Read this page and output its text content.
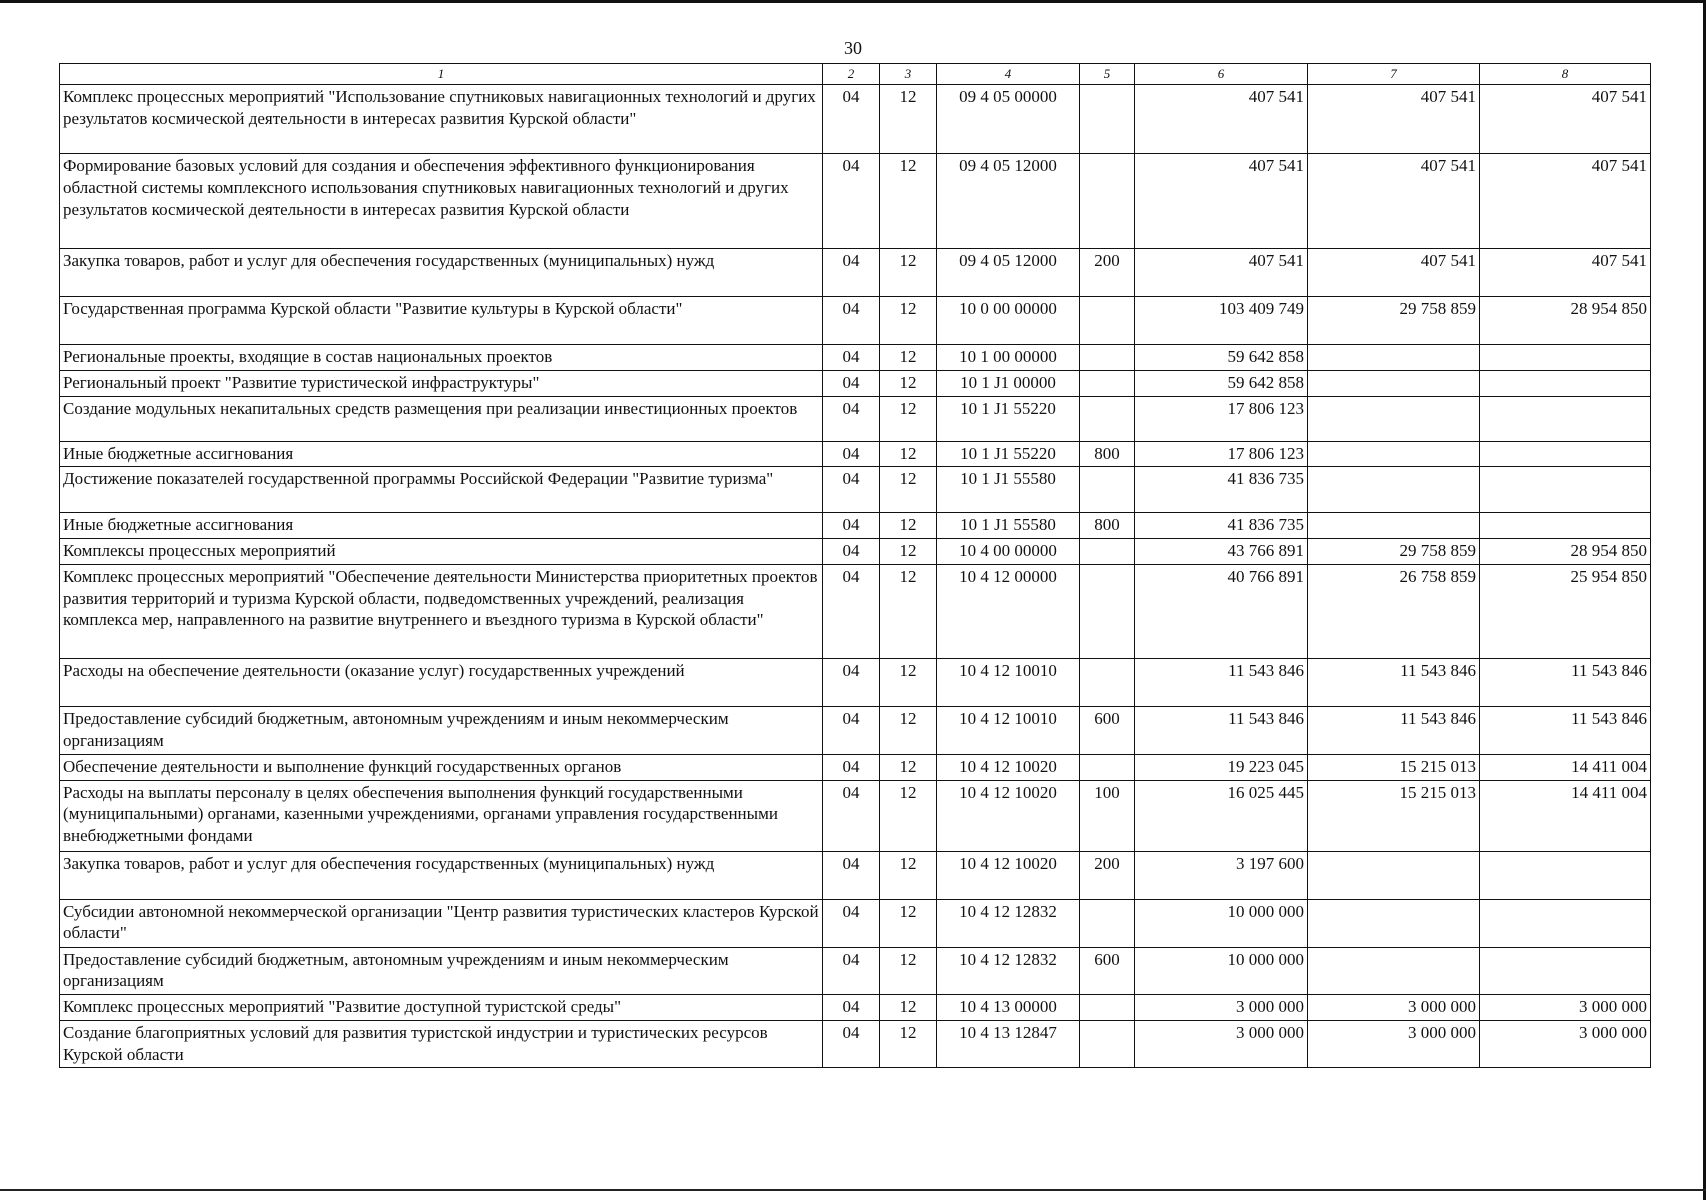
30
1	2	3	4	5	6	7	8
Комплекс процессных мероприятий "Использование спутниковых навигационных технологий и других результатов космической деятельности в интересах развития Курской области"	04	12	09 4 05 00000		407 541	407 541	407 541
Формирование базовых условий для создания и обеспечения эффективного функционирования областной системы комплексного использования спутниковых навигационных технологий и других результатов космической деятельности в интересах развития Курской области	04	12	09 4 05 12000		407 541	407 541	407 541
Закупка товаров, работ и услуг для обеспечения государственных (муниципальных) нужд	04	12	09 4 05 12000	200	407 541	407 541	407 541
Государственная программа Курской области "Развитие культуры в Курской области"	04	12	10 0 00 00000		103 409 749	29 758 859	28 954 850
Региональные проекты, входящие в состав национальных проектов	04	12	10 1 00 00000		59 642 858		
Региональный проект "Развитие туристической инфраструктуры"	04	12	10 1 J1 00000		59 642 858		
Создание модульных некапитальных средств размещения при реализации инвестиционных проектов	04	12	10 1 J1 55220		17 806 123		
Иные бюджетные ассигнования	04	12	10 1 J1 55220	800	17 806 123		
Достижение показателей государственной программы Российской Федерации "Развитие туризма"	04	12	10 1 J1 55580		41 836 735		
Иные бюджетные ассигнования	04	12	10 1 J1 55580	800	41 836 735		
Комплексы процессных мероприятий	04	12	10 4 00 00000		43 766 891	29 758 859	28 954 850
Комплекс процессных мероприятий "Обеспечение деятельности Министерства приоритетных проектов развития территорий и туризма Курской области, подведомственных учреждений, реализация комплекса мер, направленного на развитие внутреннего и въездного туризма в Курской области"	04	12	10 4 12 00000		40 766 891	26 758 859	25 954 850
Расходы на обеспечение деятельности (оказание услуг) государственных учреждений	04	12	10 4 12 10010		11 543 846	11 543 846	11 543 846
Предоставление субсидий бюджетным, автономным учреждениям и иным некоммерческим организациям	04	12	10 4 12 10010	600	11 543 846	11 543 846	11 543 846
Обеспечение деятельности и выполнение функций государственных органов	04	12	10 4 12 10020		19 223 045	15 215 013	14 411 004
Расходы на выплаты персоналу в целях обеспечения выполнения функций государственными (муниципальными) органами, казенными учреждениями, органами управления государственными внебюджетными фондами	04	12	10 4 12 10020	100	16 025 445	15 215 013	14 411 004
Закупка товаров, работ и услуг для обеспечения государственных (муниципальных) нужд	04	12	10 4 12 10020	200	3 197 600		
Субсидии автономной некоммерческой организации "Центр развития туристических кластеров Курской области"	04	12	10 4 12 12832		10 000 000		
Предоставление субсидий бюджетным, автономным учреждениям и иным некоммерческим организациям	04	12	10 4 12 12832	600	10 000 000		
Комплекс процессных мероприятий "Развитие доступной туристской среды"	04	12	10 4 13 00000		3 000 000	3 000 000	3 000 000
Создание благоприятных условий для развития туристской индустрии и туристических ресурсов Курской области	04	12	10 4 13 12847		3 000 000	3 000 000	3 000 000
